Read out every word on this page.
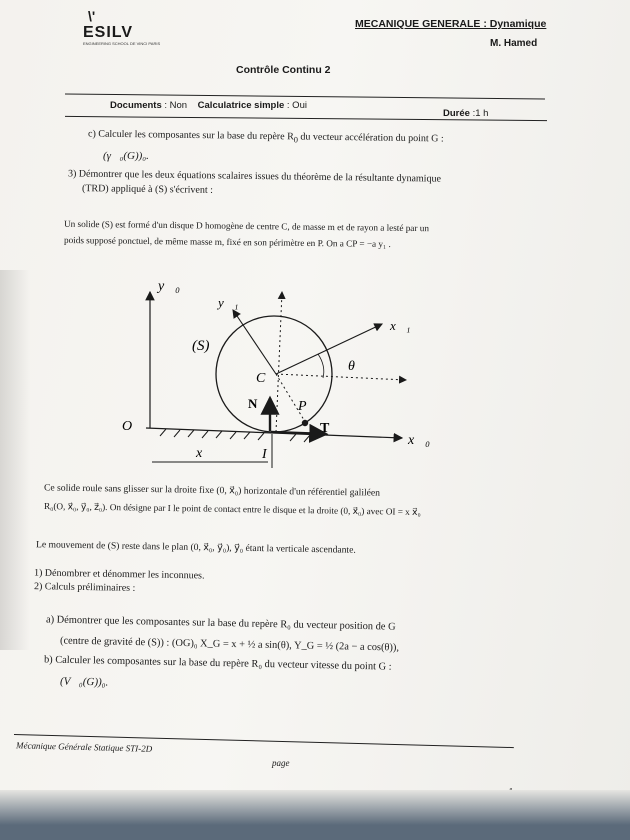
\'
ESILV
ENGINEERING SCHOOL DE VINCI PARIS
MECANIQUE GENERALE : Dynamique
M. Hamed
Contrôle Continu 2
Documents : Non Calculatrice simple : Oui
Durée :1 h
c) Calculer les composantes sur la base du repère $R_0$ du vecteur accélération du point G :
(γ⃗₀(G))₀.
3) Démontrer que les deux équations scalaires issues du théorème de la résultante dynamique
(TRD) appliqué à (S) s'écrivent :
Un solide (S) est formé d'un disque D homogène de centre C, de masse m et de rayon a lesté par un
poids supposé ponctuel, de même masse m, fixé en son périmètre en P. On a CP = −a y₁ .
y⃗₀
y⃗₁
x⃗₁
x⃗₀
(S)
C
θ
N	P
T
O
x	I
Ce solide roule sans glisser sur la droite fixe (0, x⃗₀) horizontale d'un référentiel galiléen
R₀(O, x⃗₀, y⃗₀, z⃗₀). On désigne par I le point de contact entre le disque et la droite (0, x⃗₀) avec OI = x x⃗₀
Le mouvement de (S) reste dans le plan (0, x⃗₀, y⃗₀), y⃗₀ étant la verticale ascendante.
1) Dénombrer et dénommer les inconnues.
2) Calculs préliminaires :
a) Démontrer que les composantes sur la base du repère R₀ du vecteur position de G
(centre de gravité de (S)) : (OG)₀ X_G = x + ½ a sin(θ), Y_G = ½ (2a − a cos(θ)),
b) Calculer les composantes sur la base du repère R₀ du vecteur vitesse du point G :
(V⃗₀(G))₀.
Mécanique Générale Statique STI-2D
page
